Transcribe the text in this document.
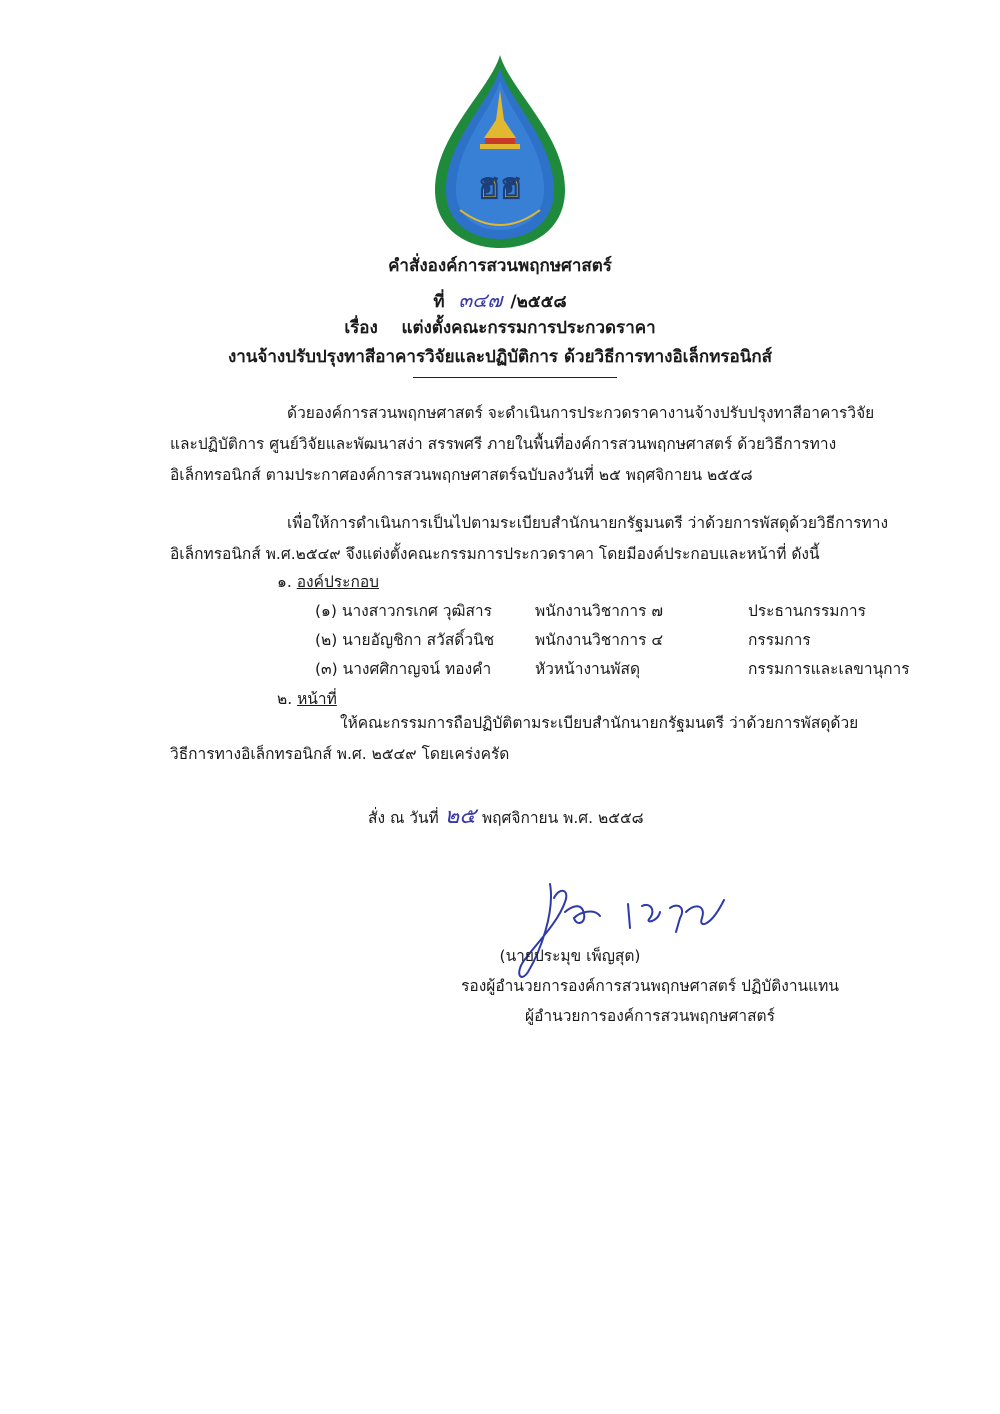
ฮฮ
คำสั่งองค์การสวนพฤกษศาสตร์
ที่ ๓๔๗ /๒๕๕๘
เรื่อง แต่งตั้งคณะกรรมการประกวดราคา
งานจ้างปรับปรุงทาสีอาคารวิจัยและปฏิบัติการ ด้วยวิธีการทางอิเล็กทรอนิกส์
ด้วยองค์การสวนพฤกษศาสตร์ จะดำเนินการประกวดราคางานจ้างปรับปรุงทาสีอาคารวิจัย
และปฏิบัติการ ศูนย์วิจัยและพัฒนาสง่า สรรพศรี ภายในพื้นที่องค์การสวนพฤกษศาสตร์ ด้วยวิธีการทาง
อิเล็กทรอนิกส์ ตามประกาศองค์การสวนพฤกษศาสตร์ฉบับลงวันที่ ๒๕ พฤศจิกายน ๒๕๕๘
เพื่อให้การดำเนินการเป็นไปตามระเบียบสำนักนายกรัฐมนตรี ว่าด้วยการพัสดุด้วยวิธีการทาง
อิเล็กทรอนิกส์ พ.ศ.๒๕๔๙ จึงแต่งตั้งคณะกรรมการประกวดราคา โดยมีองค์ประกอบและหน้าที่ ดังนี้
๑. องค์ประกอบ
(๑) นางสาวกรเกศ วุฒิสาร	พนักงานวิชาการ ๗	ประธานกรรมการ
(๒) นายอัญชิกา สวัสดิ์วนิช	พนักงานวิชาการ ๔	กรรมการ
(๓) นางศศิกาญจน์ ทองคำ	หัวหน้างานพัสดุ	กรรมการและเลขานุการ
๒. หน้าที่
ให้คณะกรรมการถือปฏิบัติตามระเบียบสำนักนายกรัฐมนตรี ว่าด้วยการพัสดุด้วย
วิธีการทางอิเล็กทรอนิกส์ พ.ศ. ๒๕๔๙ โดยเคร่งครัด
สั่ง ณ วันที่ ๒๕ พฤศจิกายน พ.ศ. ๒๕๕๘
(นายประมุข เพ็ญสุต)
รองผู้อำนวยการองค์การสวนพฤกษศาสตร์ ปฏิบัติงานแทน
ผู้อำนวยการองค์การสวนพฤกษศาสตร์
